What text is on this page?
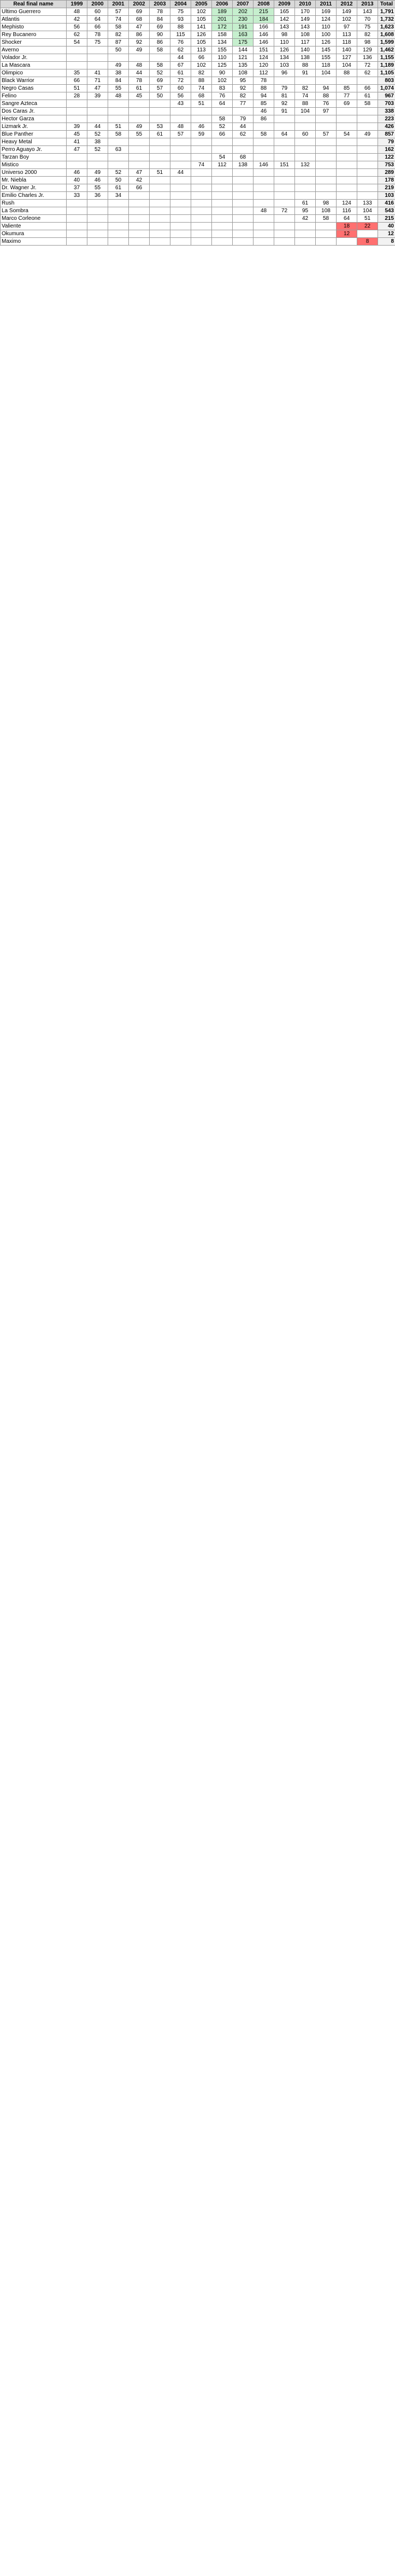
Real final name	1999	2000	2001	2002	2003	2004	2005	2006	2007	2008	2009	2010	2011	2012	2013	Total
Ultimo Guerrero	48	60	57	69	78	75	102	189	202	215	165	170	169	149	143	1,791
Atlantis	42	64	74	68	84	93	105	201	230	184	142	149	124	102	70	1,732
Mephisto	56	66	58	47	69	88	141	172	191	166	143	143	110	97	75	1,623
Rey Bucanero	62	78	82	86	90	115	126	158	163	146	98	108	100	113	82	1,608
Shocker	54	75	87	92	86	76	105	134	175	146	110	117	126	118	98	1,599
Averno			50	49	58	62	113	155	144	151	126	140	145	140	129	1,462
Volador Jr.						44	66	110	121	124	134	138	155	127	136	1,155
La Mascara			49	48	58	67	102	125	135	120	103	88	118	104	72	1,189
Olimpico	35	41	38	44	52	61	82	90	108	112	96	91	104	88	62	1,105
Black Warrior	66	71	84	78	69	72	88	102	95	78						803
Negro Casas	51	47	55	61	57	60	74	83	92	88	79	82	94	85	66	1,074
Felino	28	39	48	45	50	56	68	76	82	94	81	74	88	77	61	967
Sangre Azteca						43	51	64	77	85	92	88	76	69	58	703
Dos Caras Jr.										46	91	104	97			338
Hector Garza								58	79	86						223
Lizmark Jr.	39	44	51	49	53	48	46	52	44							426
Blue Panther	45	52	58	55	61	57	59	66	62	58	64	60	57	54	49	857
Heavy Metal	41	38														79
Perro Aguayo Jr.	47	52	63													162
Tarzan Boy								54	68							122
Mistico							74	112	138	146	151	132				753
Universo 2000	46	49	52	47	51	44										289
Mr. Niebla	40	46	50	42												178
Dr. Wagner Jr.	37	55	61	66												219
Emilio Charles Jr.	33	36	34													103
Rush												61	98	124	133	416
La Sombra										48	72	95	108	116	104	543
Marco Corleone												42	58	64	51	215
Valiente														18	22	40
Okumura														12		12
Maximo															8	8
